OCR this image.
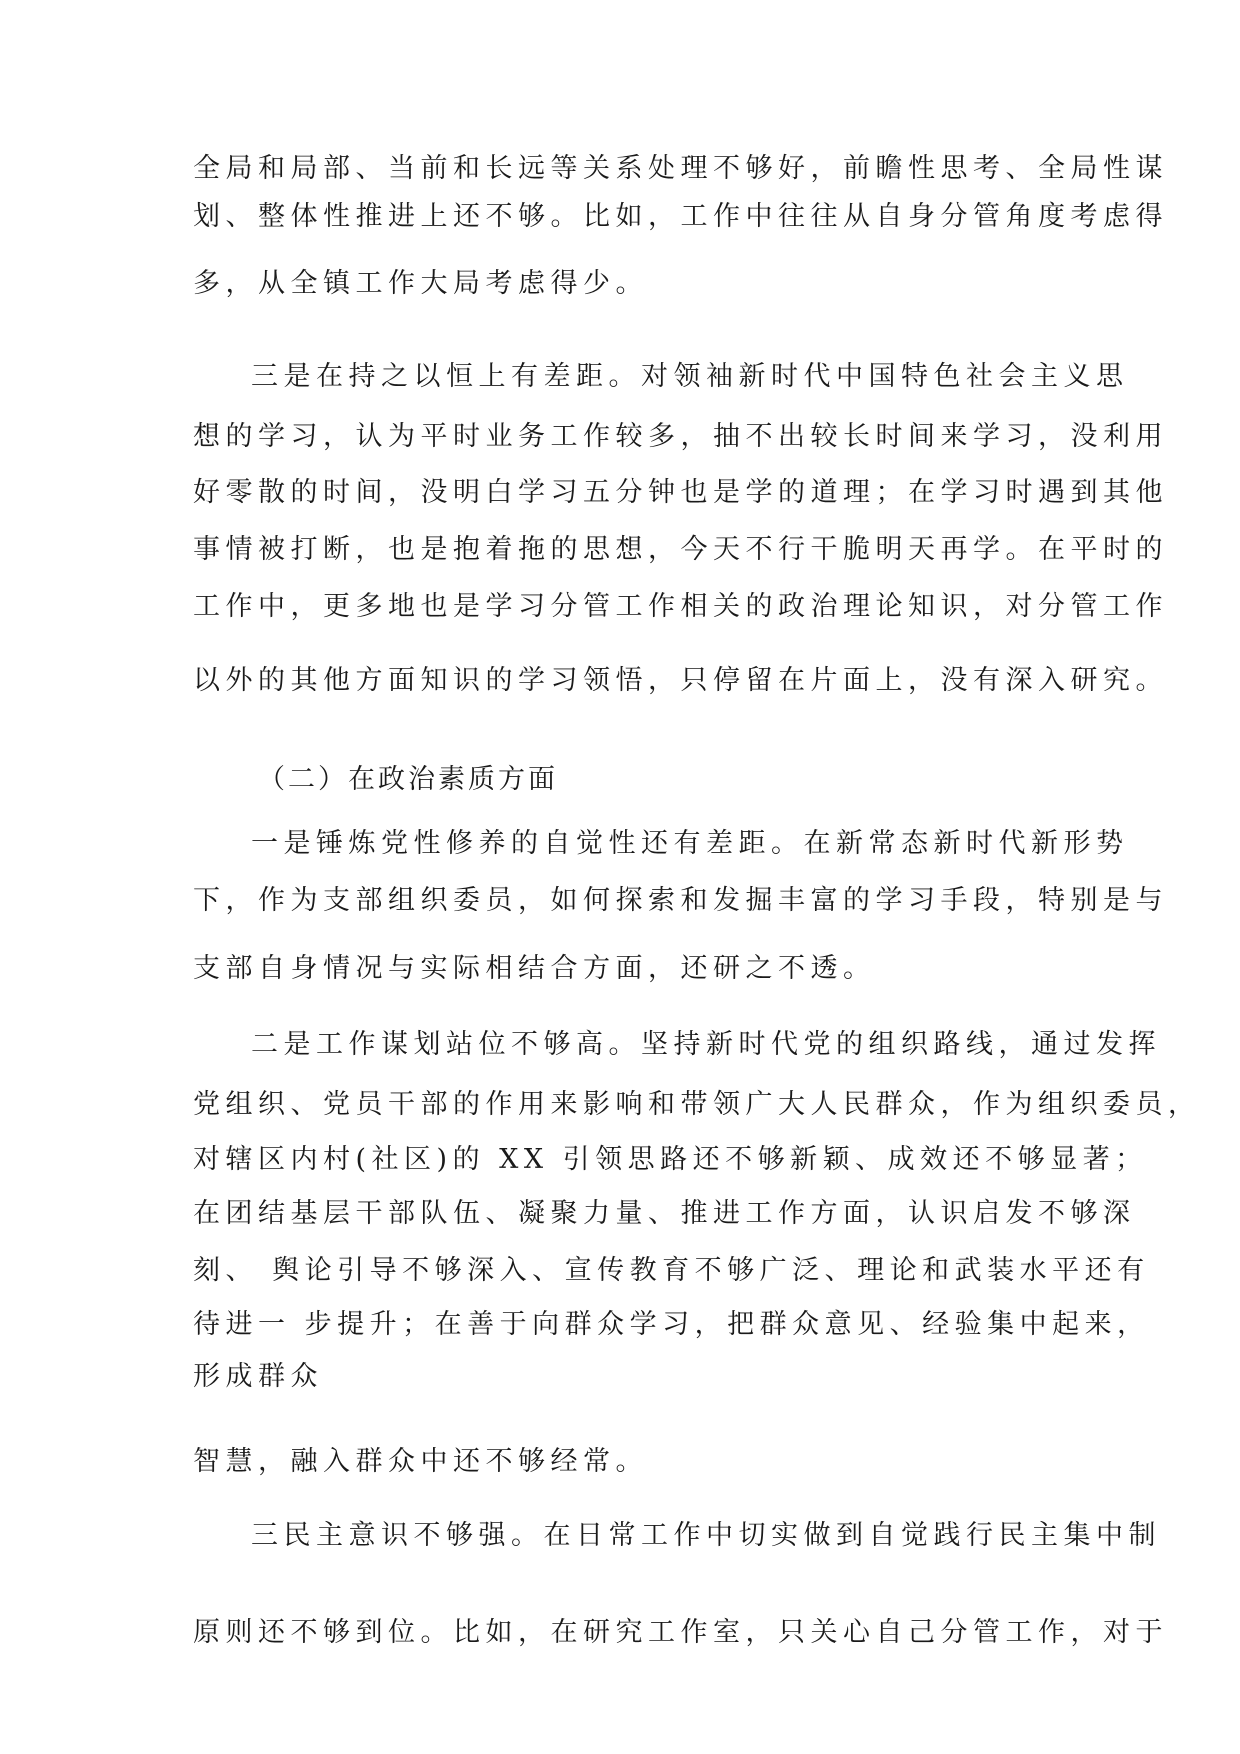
全局和局部、当前和长远等关系处理不够好，前瞻性思考、全局性谋
划、整体性推进上还不够。比如，工作中往往从自身分管角度考虑得
多，从全镇工作大局考虑得少。
三是在持之以恒上有差距。对领袖新时代中国特色社会主义思
想的学习，认为平时业务工作较多，抽不出较长时间来学习，没利用
好零散的时间，没明白学习五分钟也是学的道理；在学习时遇到其他
事情被打断，也是抱着拖的思想，今天不行干脆明天再学。在平时的
工作中，更多地也是学习分管工作相关的政治理论知识，对分管工作
以外的其他方面知识的学习领悟，只停留在片面上，没有深入研究。
（二）在政治素质方面
一是锤炼党性修养的自觉性还有差距。在新常态新时代新形势
下，作为支部组织委员，如何探索和发掘丰富的学习手段，特别是与
支部自身情况与实际相结合方面，还研之不透。
二是工作谋划站位不够高。坚持新时代党的组织路线，通过发挥
党组织、党员干部的作用来影响和带领广大人民群众，作为组织委员，
对辖区内村(社区)的 XX 引领思路还不够新颖、成效还不够显著；
在团结基层干部队伍、凝聚力量、推进工作方面，认识启发不够深
刻、 舆论引导不够深入、宣传教育不够广泛、理论和武装水平还有
待进一 步提升；在善于向群众学习，把群众意见、经验集中起来，
形成群众
智慧，融入群众中还不够经常。
三民主意识不够强。在日常工作中切实做到自觉践行民主集中制
原则还不够到位。比如，在研究工作室，只关心自己分管工作，对于
